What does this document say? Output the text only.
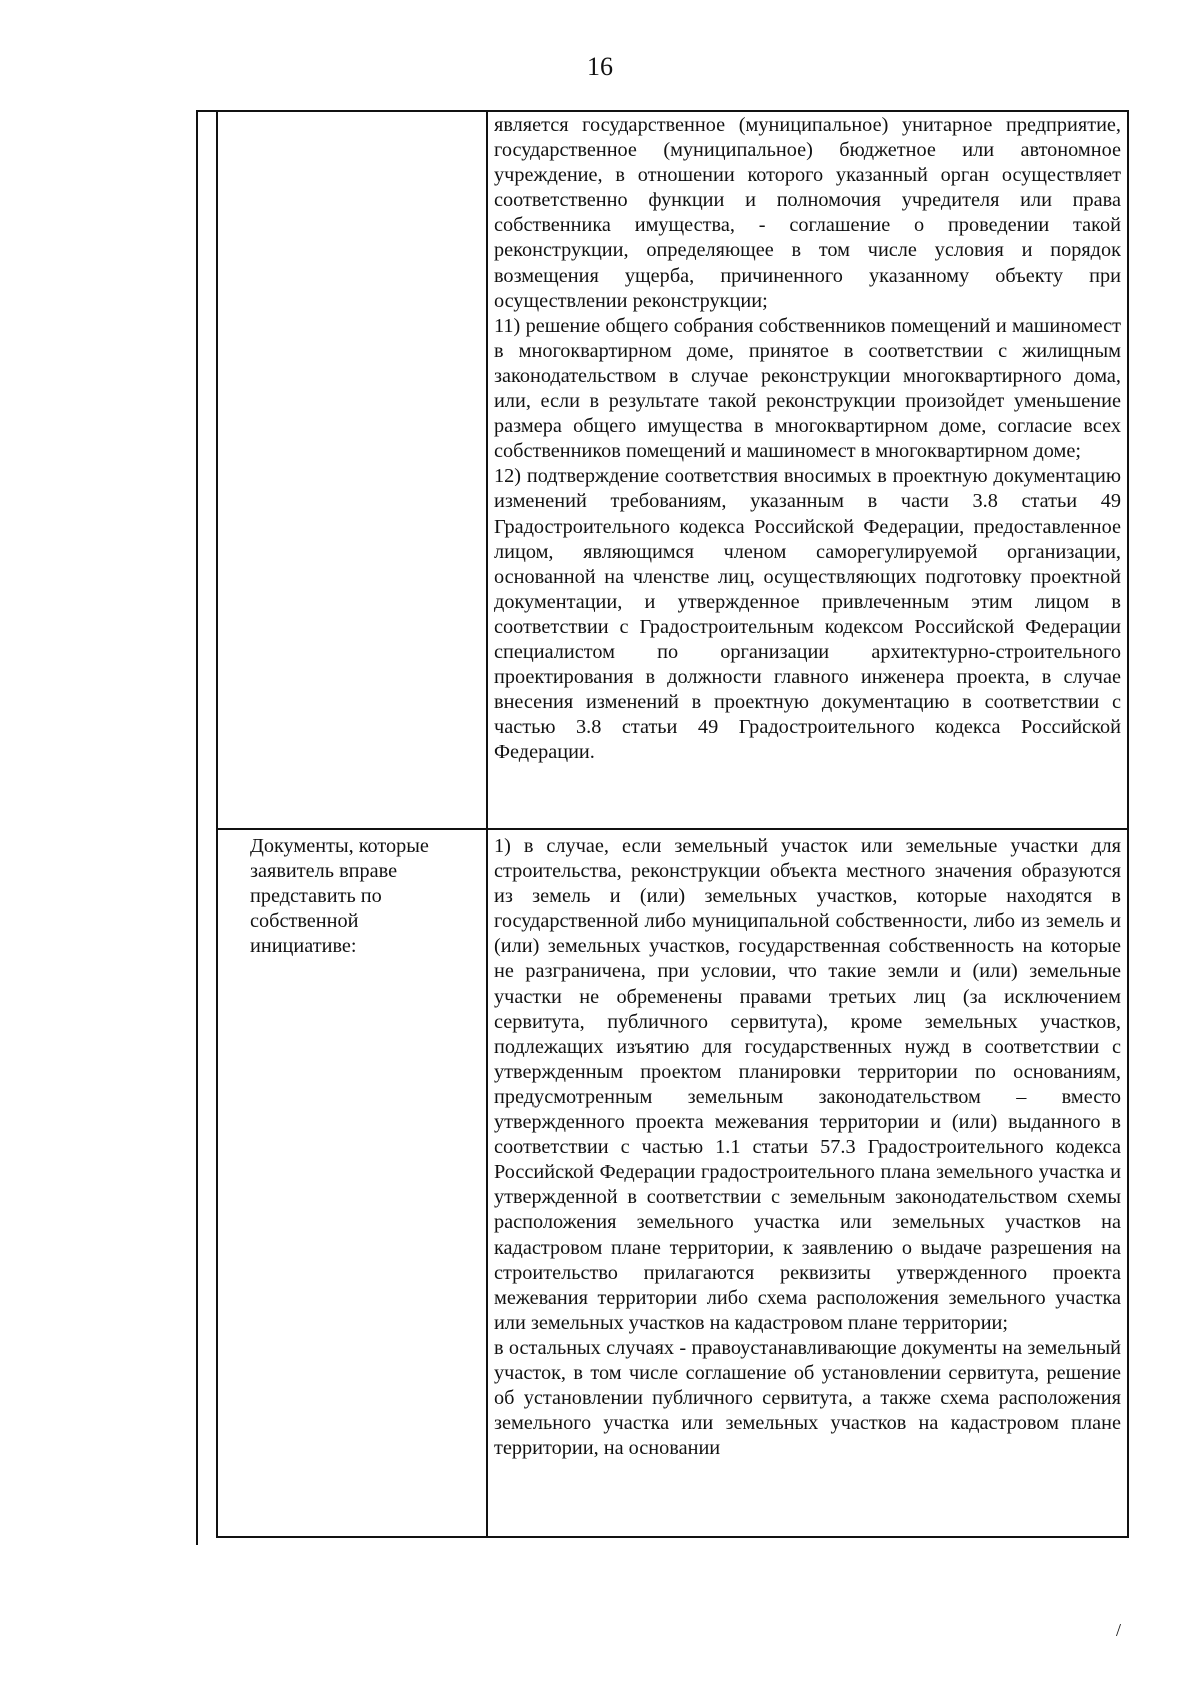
16

является государственное (муниципальное) унитарное предприятие, государственное (муниципальное) бюджетное или автономное учреждение, в отношении которого указанный орган осуществляет соответственно функции и полномочия учредителя или права собственника имущества, - соглашение о проведении такой реконструкции, определяющее в том числе условия и порядок возмещения ущерба, причиненного указанному объекту при осуществлении реконструкции;

11) решение общего собрания собственников помещений и машиномест в многоквартирном доме, принятое в соответствии с жилищным законодательством в случае реконструкции многоквартирного дома, или, если в результате такой реконструкции произойдет уменьшение размера общего имущества в многоквартирном доме, согласие всех собственников помещений и машиномест в многоквартирном доме;

12) подтверждение соответствия вносимых в проектную документацию изменений требованиям, указанным в части 3.8 статьи 49 Градостроительного кодекса Российской Федерации, предоставленное лицом, являющимся членом саморегулируемой организации, основанной на членстве лиц, осуществляющих подготовку проектной документации, и утвержденное привлеченным этим лицом в соответствии с Градостроительным кодексом Российской Федерации специалистом по организации архитектурно-строительного проектирования в должности главного инженера проекта, в случае внесения изменений в проектную документацию в соответствии с частью 3.8 статьи 49 Градостроительного кодекса Российской Федерации.

Документы, которые заявитель вправе представить по собственной инициативе:

1) в случае, если земельный участок или земельные участки для строительства, реконструкции объекта местного значения образуются из земель и (или) земельных участков, которые находятся в государственной либо муниципальной собственности, либо из земель и (или) земельных участков, государственная собственность на которые не разграничена, при условии, что такие земли и (или) земельные участки не обременены правами третьих лиц (за исключением сервитута, публичного сервитута), кроме земельных участков, подлежащих изъятию для государственных нужд в соответствии с утвержденным проектом планировки территории по основаниям, предусмотренным земельным законодательством – вместо утвержденного проекта межевания территории и (или) выданного в соответствии с частью 1.1 статьи 57.3 Градостроительного кодекса Российской Федерации градостроительного плана земельного участка и утвержденной в соответствии с земельным законодательством схемы расположения земельного участка или земельных участков на кадастровом плане территории, к заявлению о выдаче разрешения на строительство прилагаются реквизиты утвержденного проекта межевания территории либо схема расположения земельного участка или земельных участков на кадастровом плане территории;

в остальных случаях - правоустанавливающие документы на земельный участок, в том числе соглашение об установлении сервитута, решение об установлении публичного сервитута, а также схема расположения земельного участка или земельных участков на кадастровом плане территории, на основании

/
